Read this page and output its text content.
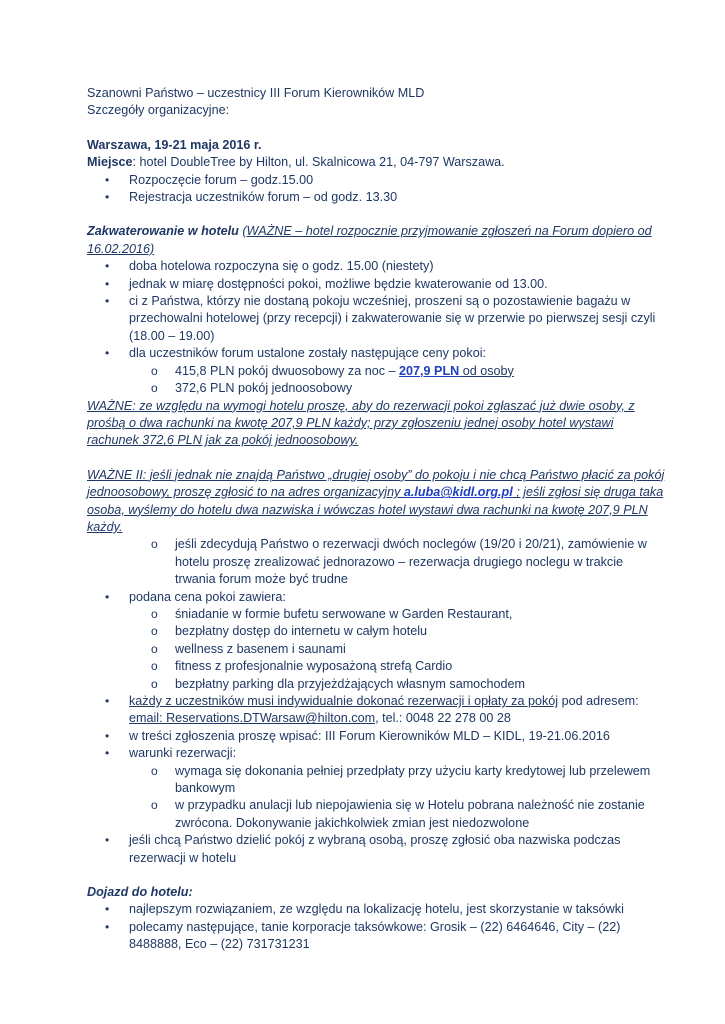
Szanowni Państwo – uczestnicy III Forum Kierowników MLD

Szczegóły organizacyjne:

Warszawa, 19-21 maja 2016 r.

Miejsce: hotel DoubleTree by Hilton, ul. Skalnicowa 21, 04-797 Warszawa.

• Rozpoczęcie forum – godz.15.00
• Rejestracja uczestników forum – od godz. 13.30

Zakwaterowanie w hotelu (WAŻNE – hotel rozpocznie przyjmowanie zgłoszeń na Forum dopiero od 16.02.2016)

• doba hotelowa rozpoczyna się o godz. 15.00 (niestety)
• jednak w miarę dostępności pokoi, możliwe będzie kwaterowanie od 13.00.
• ci z Państwa, którzy nie dostaną pokoju wcześniej, proszeni są o pozostawienie bagażu w przechowalni hotelowej (przy recepcji) i zakwaterowanie się w przerwie po pierwszej sesji czyli (18.00 – 19.00)
• dla uczestników forum ustalone zostały następujące ceny pokoi:
o 415,8 PLN pokój dwuosobowy za noc – 207,9 PLN od osoby
o 372,6 PLN pokój jednoosobowy

WAŻNE: ze względu na wymogi hotelu proszę, aby do rezerwacji pokoi zgłaszać już dwie osoby, z prośbą o dwa rachunki na kwotę 207,9 PLN każdy; przy zgłoszeniu jednej osoby hotel wystawi rachunek 372,6 PLN jak za pokój jednoosobowy.

WAŻNE II: jeśli jednak nie znajdą Państwo „drugiej osoby” do pokoju i nie chcą Państwo płacić za pokój jednoosobowy, proszę zgłosić to na adres organizacyjny a.luba@kidl.org.pl ; jeśli zgłosi się druga taka osoba, wyślemy do hotelu dwa nazwiska i wówczas hotel wystawi dwa rachunki na kwotę 207,9 PLN każdy.

o jeśli zdecydują Państwo o rezerwacji dwóch noclegów (19/20 i 20/21), zamówienie w hotelu proszę zrealizować jednorazowo – rezerwacja drugiego noclegu w trakcie trwania forum może być trudne
• podana cena pokoi zawiera:
o śniadanie w formie bufetu serwowane w Garden Restaurant,
o bezpłatny dostęp do internetu w całym hotelu
o wellness z basenem i saunami
o fitness z profesjonalnie wyposażoną strefą Cardio
o bezpłatny parking dla przyjeżdżających własnym samochodem
• każdy z uczestników musi indywidualnie dokonać rezerwacji i opłaty za pokój pod adresem: email: Reservations.DTWarsaw@hilton.com, tel.: 0048 22 278 00 28
• w treści zgłoszenia proszę wpisać: III Forum Kierowników MLD – KIDL, 19-21.06.2016
• warunki rezerwacji:
o wymaga się dokonania pełniej przedpłaty przy użyciu karty kredytowej lub przelewem bankowym
o w przypadku anulacji lub niepojawienia się w Hotelu pobrana należność nie zostanie zwrócona. Dokonywanie jakichkolwiek zmian jest niedozwolone
• jeśli chcą Państwo dzielić pokój z wybraną osobą, proszę zgłosić oba nazwiska podczas rezerwacji w hotelu

Dojazd do hotelu:

• najlepszym rozwiązaniem, ze względu na lokalizację hotelu, jest skorzystanie w taksówki
• polecamy następujące, tanie korporacje taksówkowe: Grosik – (22) 6464646, City – (22) 8488888, Eco – (22) 731731231
